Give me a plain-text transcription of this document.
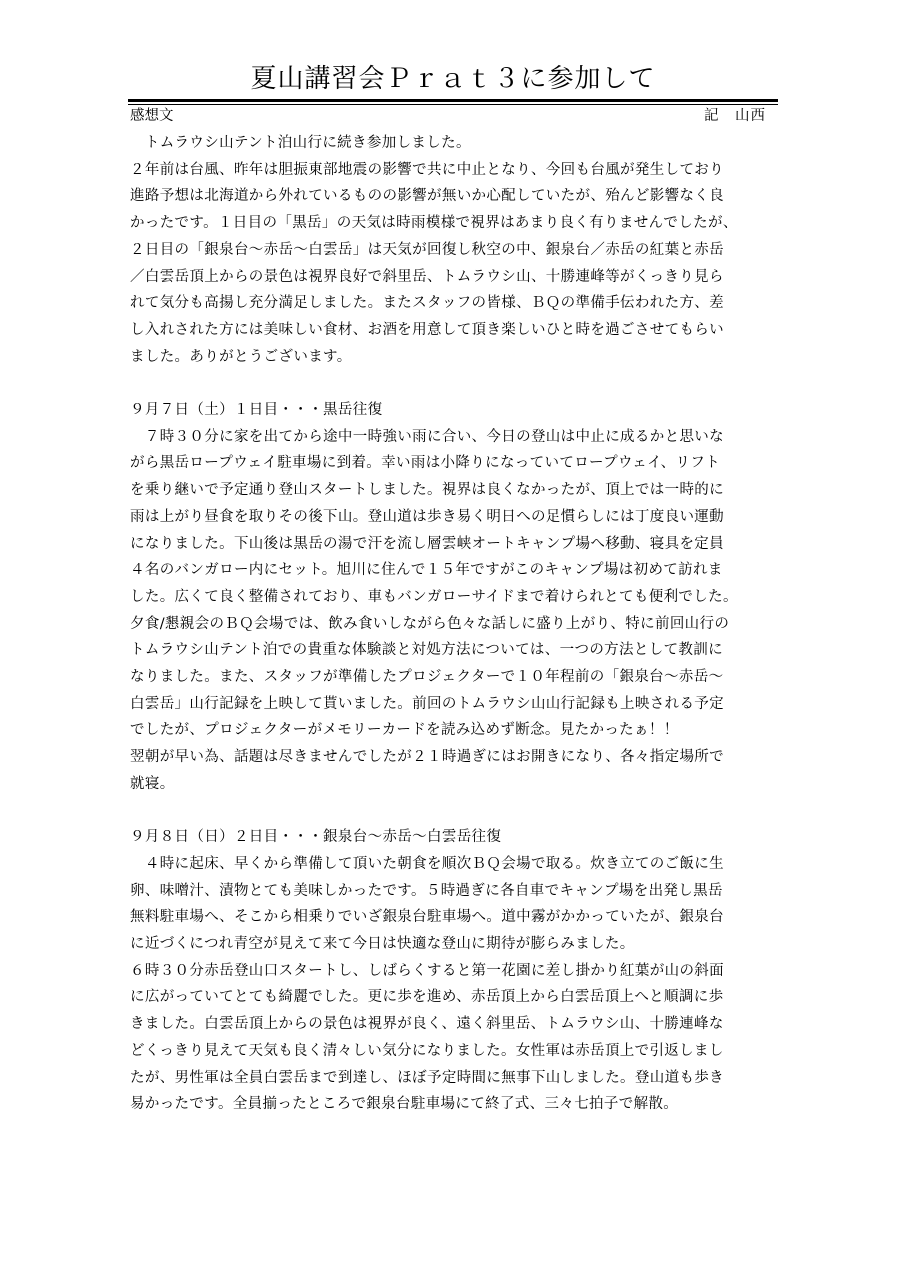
夏山講習会Ｐｒａｔ３に参加して
感想文	記　山西

　トムラウシ山テント泊山行に続き参加しました。

２年前は台風、昨年は胆振東部地震の影響で共に中止となり、今回も台風が発生しており

進路予想は北海道から外れているものの影響が無いか心配していたが、殆んど影響なく良

かったです。１日目の「黒岳」の天気は時雨模様で視界はあまり良く有りませんでしたが、

２日目の「銀泉台～赤岳～白雲岳」は天気が回復し秋空の中、銀泉台／赤岳の紅葉と赤岳

／白雲岳頂上からの景色は視界良好で斜里岳、トムラウシ山、十勝連峰等がくっきり見ら

れて気分も高揚し充分満足しました。またスタッフの皆様、ＢＱの準備手伝われた方、差

し入れされた方には美味しい食材、お酒を用意して頂き楽しいひと時を過ごさせてもらい

ました。ありがとうございます。

９月７日（土）１日目・・・黒岳往復

　７時３０分に家を出てから途中一時強い雨に合い、今日の登山は中止に成るかと思いな

がら黒岳ロープウェイ駐車場に到着。幸い雨は小降りになっていてロープウェイ、リフト

を乗り継いで予定通り登山スタートしました。視界は良くなかったが、頂上では一時的に

雨は上がり昼食を取りその後下山。登山道は歩き易く明日への足慣らしには丁度良い運動

になりました。下山後は黒岳の湯で汗を流し層雲峡オートキャンプ場へ移動、寝具を定員

４名のバンガロー内にセット。旭川に住んで１５年ですがこのキャンプ場は初めて訪れま

した。広くて良く整備されており、車もバンガローサイドまで着けられとても便利でした。

夕食/懇親会のＢＱ会場では、飲み食いしながら色々な話しに盛り上がり、特に前回山行の

トムラウシ山テント泊での貴重な体験談と対処方法については、一つの方法として教訓に

なりました。また、スタッフが準備したプロジェクターで１０年程前の「銀泉台～赤岳～

白雲岳」山行記録を上映して貰いました。前回のトムラウシ山山行記録も上映される予定

でしたが、プロジェクターがメモリーカードを読み込めず断念。見たかったぁ！！

翌朝が早い為、話題は尽きませんでしたが２１時過ぎにはお開きになり、各々指定場所で

就寝。

９月８日（日）２日目・・・銀泉台～赤岳～白雲岳往復

　４時に起床、早くから準備して頂いた朝食を順次ＢＱ会場で取る。炊き立てのご飯に生

卵、味噌汁、漬物とても美味しかったです。５時過ぎに各自車でキャンプ場を出発し黒岳

無料駐車場へ、そこから相乗りでいざ銀泉台駐車場へ。道中霧がかかっていたが、銀泉台

に近づくにつれ青空が見えて来て今日は快適な登山に期待が膨らみました。

６時３０分赤岳登山口スタートし、しばらくすると第一花園に差し掛かり紅葉が山の斜面

に広がっていてとても綺麗でした。更に歩を進め、赤岳頂上から白雲岳頂上へと順調に歩

きました。白雲岳頂上からの景色は視界が良く、遠く斜里岳、トムラウシ山、十勝連峰な

どくっきり見えて天気も良く清々しい気分になりました。女性軍は赤岳頂上で引返しまし

たが、男性軍は全員白雲岳まで到達し、ほぼ予定時間に無事下山しました。登山道も歩き

易かったです。全員揃ったところで銀泉台駐車場にて終了式、三々七拍子で解散。
